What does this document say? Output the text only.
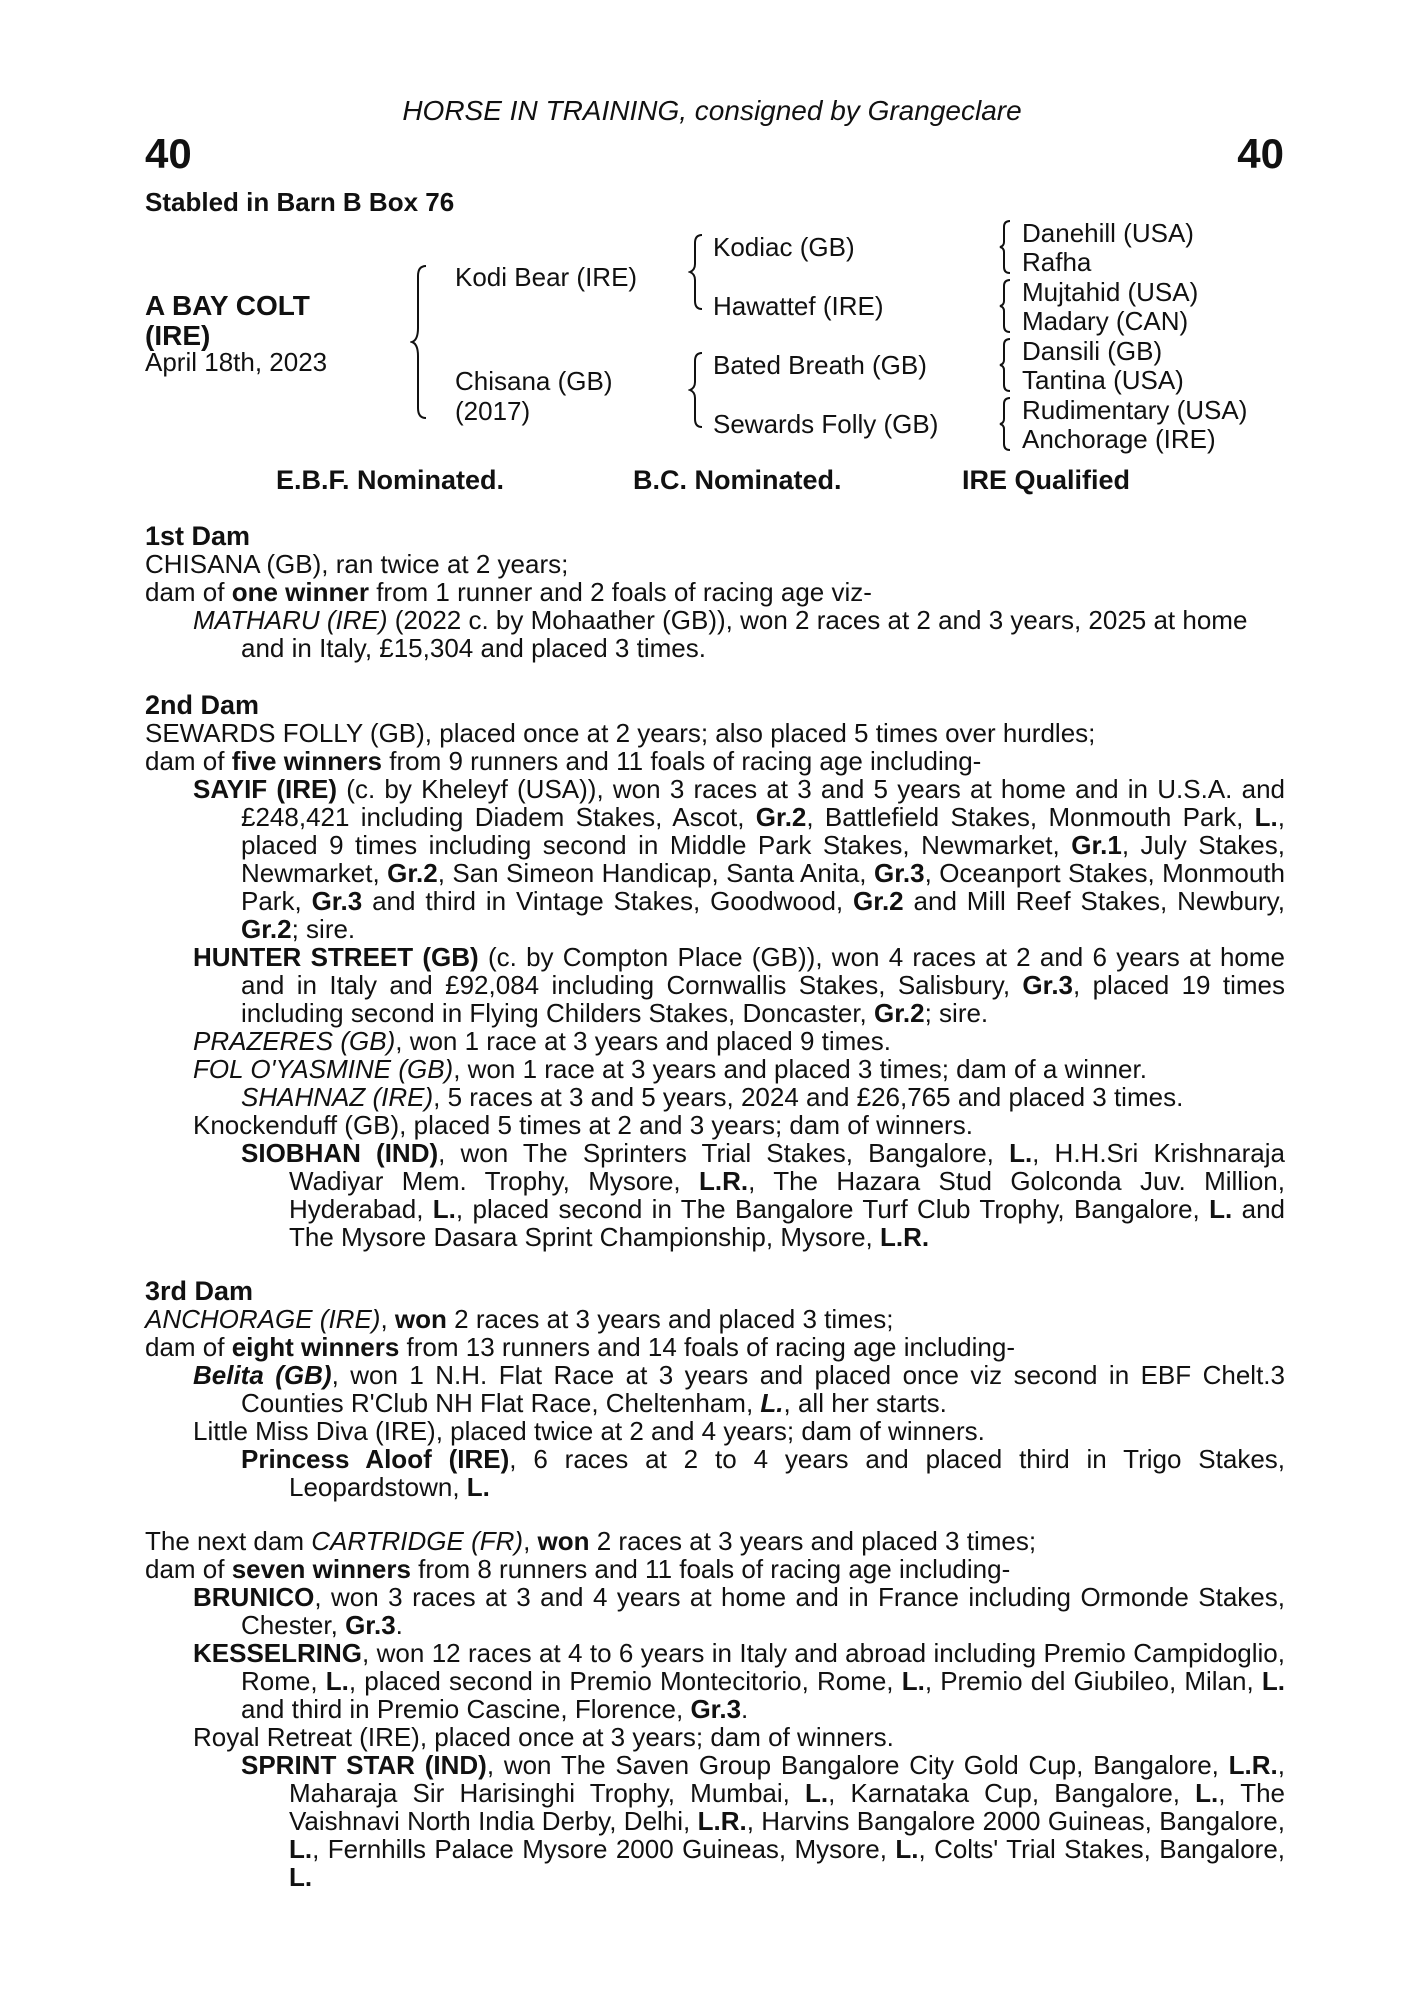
HORSE IN TRAINING, consigned by Grangeclare
40	40
Stabled in Barn B Box 76
A BAY COLT
(IRE)
April 18th, 2023
Kodi Bear (IRE)
Chisana (GB)
(2017)
Kodiac (GB)
Hawattef (IRE)
Bated Breath (GB)
Sewards Folly (GB)
Danehill (USA)
Rafha
Mujtahid (USA)
Madary (CAN)
Dansili (GB)
Tantina (USA)
Rudimentary (USA)
Anchorage (IRE)
E.B.F. Nominated.	B.C. Nominated.	IRE Qualified

1st Dam

CHISANA (GB), ran twice at 2 years;

dam of one winner from 1 runner and 2 foals of racing age viz-

MATHARU (IRE) (2022 c. by Mohaather (GB)), won 2 races at 2 and 3 years, 2025 at home and in Italy, £15,304 and placed 3 times.

2nd Dam

SEWARDS FOLLY (GB), placed once at 2 years; also placed 5 times over hurdles;

dam of five winners from 9 runners and 11 foals of racing age including-

SAYIF (IRE) (c. by Kheleyf (USA)), won 3 races at 3 and 5 years at home and in U.S.A. and £248,421 including Diadem Stakes, Ascot, Gr.2, Battlefield Stakes, Monmouth Park, L., placed 9 times including second in Middle Park Stakes, Newmarket, Gr.1, July Stakes, Newmarket, Gr.2, San Simeon Handicap, Santa Anita, Gr.3, Oceanport Stakes, Monmouth Park, Gr.3 and third in Vintage Stakes, Goodwood, Gr.2 and Mill Reef Stakes, Newbury, Gr.2; sire.

HUNTER STREET (GB) (c. by Compton Place (GB)), won 4 races at 2 and 6 years at home and in Italy and £92,084 including Cornwallis Stakes, Salisbury, Gr.3, placed 19 times including second in Flying Childers Stakes, Doncaster, Gr.2; sire.

PRAZERES (GB), won 1 race at 3 years and placed 9 times.

FOL O'YASMINE (GB), won 1 race at 3 years and placed 3 times; dam of a winner.

SHAHNAZ (IRE), 5 races at 3 and 5 years, 2024 and £26,765 and placed 3 times.

Knockenduff (GB), placed 5 times at 2 and 3 years; dam of winners.

SIOBHAN (IND), won The Sprinters Trial Stakes, Bangalore, L., H.H.Sri Krishnaraja Wadiyar Mem. Trophy, Mysore, L.R., The Hazara Stud Golconda Juv. Million, Hyderabad, L., placed second in The Bangalore Turf Club Trophy, Bangalore, L. and The Mysore Dasara Sprint Championship, Mysore, L.R.

3rd Dam

ANCHORAGE (IRE), won 2 races at 3 years and placed 3 times;

dam of eight winners from 13 runners and 14 foals of racing age including-

Belita (GB), won 1 N.H. Flat Race at 3 years and placed once viz second in EBF Chelt.3 Counties R'Club NH Flat Race, Cheltenham, L., all her starts.

Little Miss Diva (IRE), placed twice at 2 and 4 years; dam of winners.

Princess Aloof (IRE), 6 races at 2 to 4 years and placed third in Trigo Stakes, Leopardstown, L.

The next dam CARTRIDGE (FR), won 2 races at 3 years and placed 3 times;

dam of seven winners from 8 runners and 11 foals of racing age including-

BRUNICO, won 3 races at 3 and 4 years at home and in France including Ormonde Stakes, Chester, Gr.3.

KESSELRING, won 12 races at 4 to 6 years in Italy and abroad including Premio Campidoglio, Rome, L., placed second in Premio Montecitorio, Rome, L., Premio del Giubileo, Milan, L. and third in Premio Cascine, Florence, Gr.3.

Royal Retreat (IRE), placed once at 3 years; dam of winners.

SPRINT STAR (IND), won The Saven Group Bangalore City Gold Cup, Bangalore, L.R., Maharaja Sir Harisinghi Trophy, Mumbai, L., Karnataka Cup, Bangalore, L., The Vaishnavi North India Derby, Delhi, L.R., Harvins Bangalore 2000 Guineas, Bangalore, L., Fernhills Palace Mysore 2000 Guineas, Mysore, L., Colts' Trial Stakes, Bangalore, L.
